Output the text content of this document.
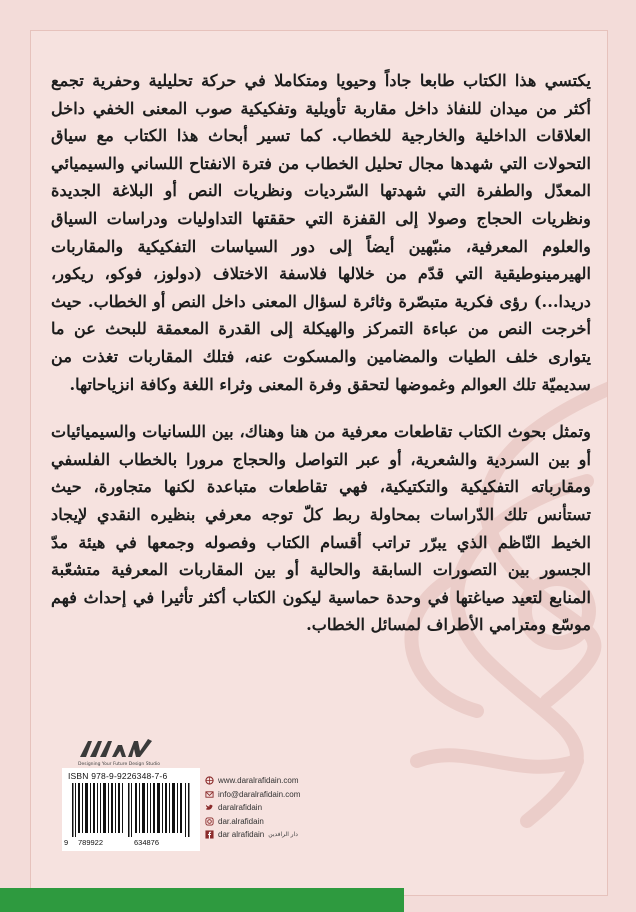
يكتسي هذا الكتاب طابعا جاداً وحيويا ومتكاملا في حركة تحليلية وحفرية تجمع أكثر من ميدان للنفاذ داخل مقاربة تأويلية وتفكيكية صوب المعنى الخفي داخل العلاقات الداخلية والخارجية للخطاب. كما تسير أبحاث هذا الكتاب مع سياق التحولات التي شهدها مجال تحليل الخطاب من فترة الانفتاح اللساني والسيميائي المعدّل والطفرة التي شهدتها السّرديات ونظريات النص أو البلاغة الجديدة ونظريات الحجاج وصولا إلى القفزة التي حققتها التداوليات ودراسات السياق والعلوم المعرفية، منبّهين أيضاً إلى دور السياسات التفكيكية والمقاربات الهيرمينوطيقية التي قدّم من خلالها فلاسفة الاختلاف (دولوز، فوكو، ريكور، دريدا...) رؤى فكرية متبصّرة وثائرة لسؤال المعنى داخل النص أو الخطاب. حيث أخرجت النص من عباءة التمركز والهيكلة إلى القدرة المعمقة للبحث عن ما يتوارى خلف الطيات والمضامين والمسكوت عنه، فتلك المقاربات تغذت من سديميّة تلك العوالم وغموضها لتحقق وفرة المعنى وثراء اللغة وكافة انزياحاتها.

وتمثل بحوث الكتاب تقاطعات معرفية من هنا وهناك، بين اللسانيات والسيميائيات أو بين السردية والشعرية، أو عبر التواصل والحجاج مرورا بالخطاب الفلسفي ومقارباته التفكيكية والتكتيكية، فهي تقاطعات متباعدة لكنها متجاورة، حيث تستأنس تلك الدّراسات بمحاولة ربط كلّ توجه معرفي بنظيره النقدي لإيجاد الخيط النّاظم الذي يبرّر تراتب أقسام الكتاب وفصوله وجمعها في هيئة مدّ الجسور بين التصورات السابقة والحالية أو بين المقاربات المعرفية متشعّبة المنابع لتعيد صياغتها في وحدة حماسية ليكون الكتاب أكثر تأثيرا في إحداث فهم موسّع ومترامي الأطراف لمسائل الخطاب.

Designing Your Future Design Studio
ISBN 978-9-9226348-7-6
9 789922	634876
www.daralrafidain.com
info@daralrafidain.com
daralrafidain
dar.alrafidain
dar alrafidain دار الرافدين
